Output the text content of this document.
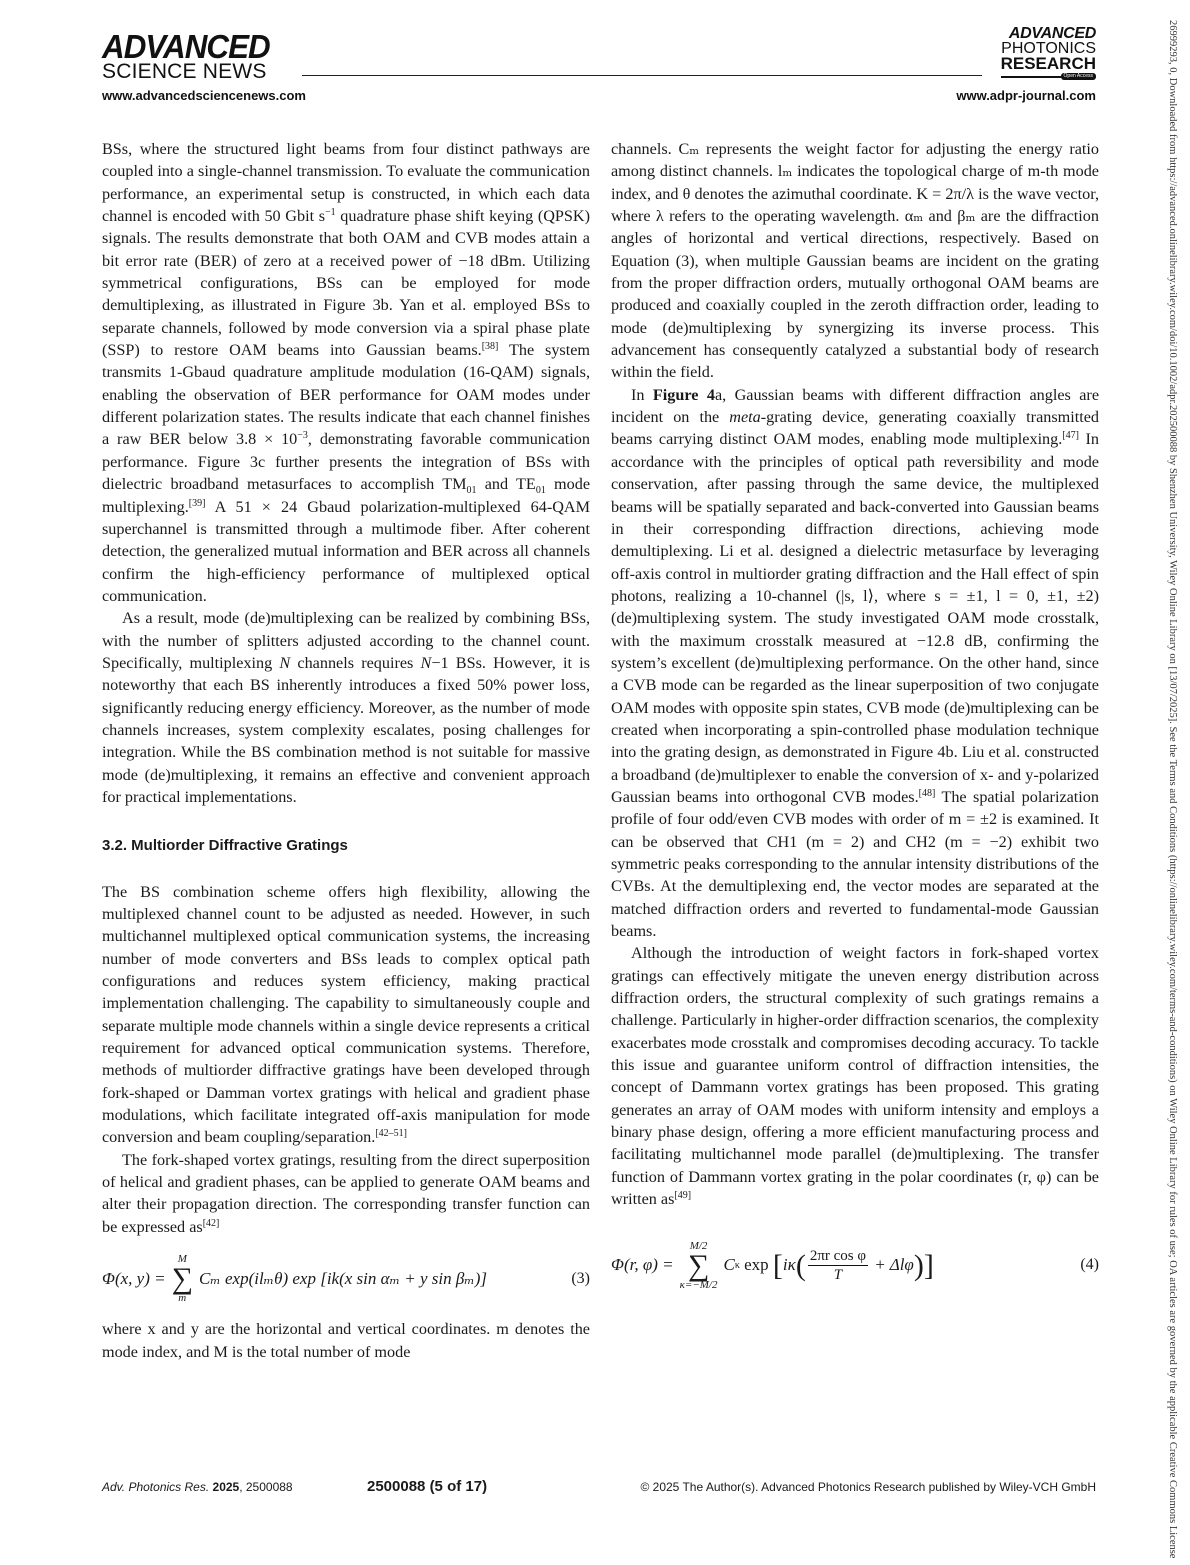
ADVANCED
SCIENCE NEWS
www.advancedsciencenews.com
ADVANCED
PHOTONICS
RESEARCH
Open Access
www.adpr-journal.com	26999293, 0, Downloaded from https://advanced.onlinelibrary.wiley.com/doi/10.1002/adpr.202500088 by Shenzhen University, Wiley Online Library on [13/07/2025]. See the Terms and Conditions (https://onlinelibrary.wiley.com/terms-and-conditions) on Wiley Online Library for rules of use; OA articles are governed by the applicable Creative Commons License

BSs, where the structured light beams from four distinct pathways are coupled into a single-channel transmission. To evaluate the communication performance, an experimental setup is constructed, in which each data channel is encoded with 50 Gbit $s^{-1}$ quadrature phase shift keying (QPSK) signals. The results demonstrate that both OAM and CVB modes attain a bit error rate (BER) of zero at a received power of −18 dBm. Utilizing symmetrical configurations, BSs can be employed for mode demultiplexing, as illustrated in Figure 3b. Yan et al. employed BSs to separate channels, followed by mode conversion via a spiral phase plate (SSP) to restore OAM beams into Gaussian beams.[38] The system transmits 1-Gbaud quadrature amplitude modulation (16-QAM) signals, enabling the observation of BER performance for OAM modes under different polarization states. The results indicate that each channel finishes a raw BER below $3.8 \times 10^{-3}$, demonstrating favorable communication performance. Figure 3c further presents the integration of BSs with dielectric broadband metasurfaces to accomplish $TM_{01}$ and $TE_{01}$ mode multiplexing.[39] A 51 × 24 Gbaud polarization-multiplexed 64-QAM superchannel is transmitted through a multimode fiber. After coherent detection, the generalized mutual information and BER across all channels confirm the high-efficiency performance of multiplexed optical communication.

As a result, mode (de)multiplexing can be realized by combining BSs, with the number of splitters adjusted according to the channel count. Specifically, multiplexing N channels requires N−1 BSs. However, it is noteworthy that each BS inherently introduces a fixed 50% power loss, significantly reducing energy efficiency. Moreover, as the number of mode channels increases, system complexity escalates, posing challenges for integration. While the BS combination method is not suitable for massive mode (de)multiplexing, it remains an effective and convenient approach for practical implementations.

3.2. Multiorder Diffractive Gratings

The BS combination scheme offers high flexibility, allowing the multiplexed channel count to be adjusted as needed. However, in such multichannel multiplexed optical communication systems, the increasing number of mode converters and BSs leads to complex optical path configurations and reduces system efficiency, making practical implementation challenging. The capability to simultaneously couple and separate multiple mode channels within a single device represents a critical requirement for advanced optical communication systems. Therefore, methods of multiorder diffractive gratings have been developed through fork-shaped or Damman vortex gratings with helical and gradient phase modulations, which facilitate integrated off-axis manipulation for mode conversion and beam coupling/separation.[42–51]

The fork-shaped vortex gratings, resulting from the direct superposition of helical and gradient phases, can be applied to generate OAM beams and alter their propagation direction. The corresponding transfer function can be expressed as[42]

Φ(x, y) =
M
∑
m
Cₘ exp(ilₘθ) exp [ik(x sin αₘ + y sin βₘ)]	(3)

where x and y are the horizontal and vertical coordinates. m denotes the mode index, and M is the total number of mode

channels. Cₘ represents the weight factor for adjusting the energy ratio among distinct channels. lₘ indicates the topological charge of m-th mode index, and θ denotes the azimuthal coordinate. K = 2π/λ is the wave vector, where λ refers to the operating wavelength. αₘ and βₘ are the diffraction angles of horizontal and vertical directions, respectively. Based on Equation (3), when multiple Gaussian beams are incident on the grating from the proper diffraction orders, mutually orthogonal OAM beams are produced and coaxially coupled in the zeroth diffraction order, leading to mode (de)multiplexing by synergizing its inverse process. This advancement has consequently catalyzed a substantial body of research within the field.

In Figure 4a, Gaussian beams with different diffraction angles are incident on the meta-grating device, generating coaxially transmitted beams carrying distinct OAM modes, enabling mode multiplexing.[47] In accordance with the principles of optical path reversibility and mode conservation, after passing through the same device, the multiplexed beams will be spatially separated and back-converted into Gaussian beams in their corresponding diffraction directions, achieving mode demultiplexing. Li et al. designed a dielectric metasurface by leveraging off-axis control in multiorder grating diffraction and the Hall effect of spin photons, realizing a 10-channel (|s, l⟩, where s = ±1, l = 0, ±1, ±2) (de)multiplexing system. The study investigated OAM mode crosstalk, with the maximum crosstalk measured at −12.8 dB, confirming the system’s excellent (de)multiplexing performance. On the other hand, since a CVB mode can be regarded as the linear superposition of two conjugate OAM modes with opposite spin states, CVB mode (de)multiplexing can be created when incorporating a spin-controlled phase modulation technique into the grating design, as demonstrated in Figure 4b. Liu et al. constructed a broadband (de)multiplexer to enable the conversion of x- and y-polarized Gaussian beams into orthogonal CVB modes.[48] The spatial polarization profile of four odd/even CVB modes with order of m = ±2 is examined. It can be observed that CH1 (m = 2) and CH2 (m = −2) exhibit two symmetric peaks corresponding to the annular intensity distributions of the CVBs. At the demultiplexing end, the vector modes are separated at the matched diffraction orders and reverted to fundamental-mode Gaussian beams.

Although the introduction of weight factors in fork-shaped vortex gratings can effectively mitigate the uneven energy distribution across diffraction orders, the structural complexity of such gratings remains a challenge. Particularly in higher-order diffraction scenarios, the complexity exacerbates mode crosstalk and compromises decoding accuracy. To tackle this issue and guarantee uniform control of diffraction intensities, the concept of Dammann vortex gratings has been proposed. This grating generates an array of OAM modes with uniform intensity and employs a binary phase design, offering a more efficient manufacturing process and facilitating multichannel mode parallel (de)multiplexing. The transfer function of Dammann vortex grating in the polar coordinates (r, φ) can be written as[49]

Φ(r, φ) =
M/2
∑
κ=−M/2
C κ
exp
[ iκ ( $\frac{\text{2πr cos φ}}{T}$
+ Δlφ )]	(4)
Adv. Photonics Res. 2025, 2500088	2500088 (5 of 17)	© 2025 The Author(s). Advanced Photonics Research published by Wiley-VCH GmbH
